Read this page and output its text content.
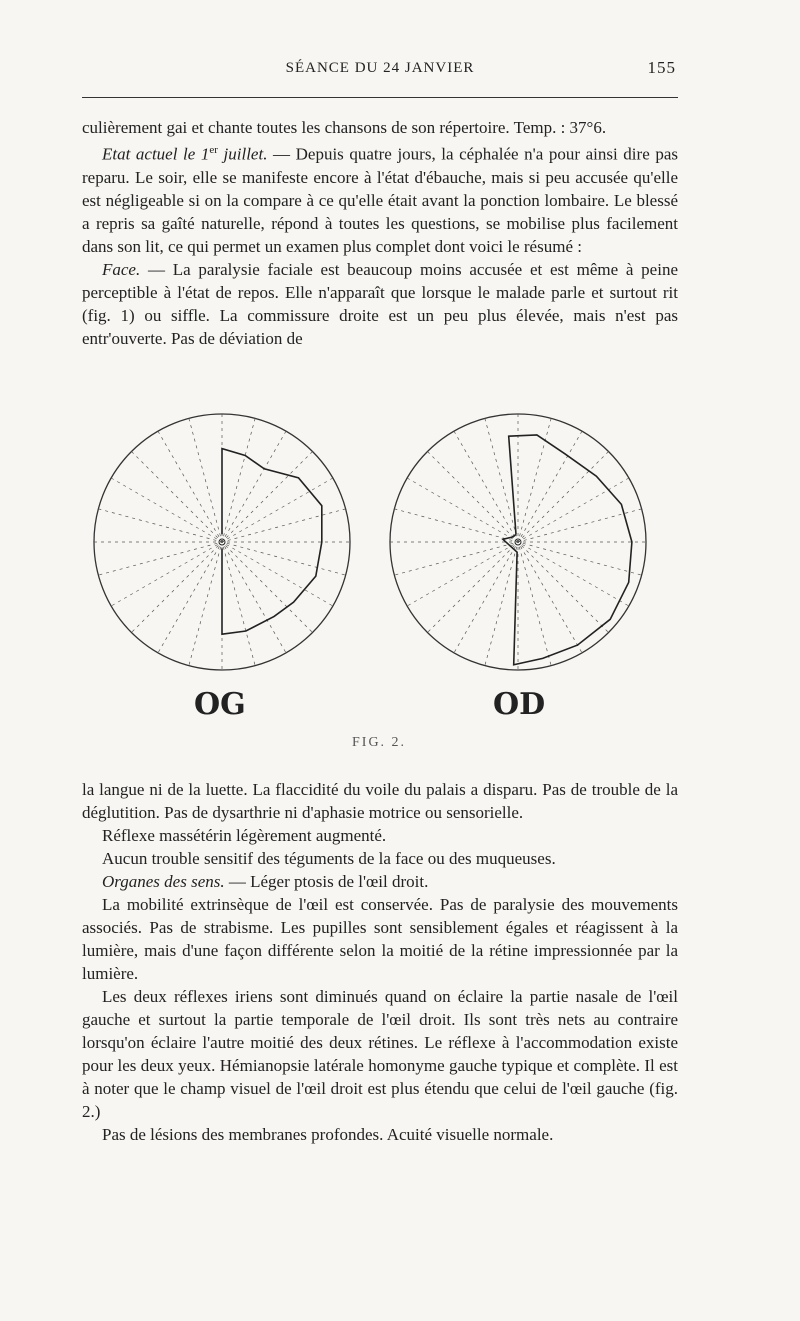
SÉANCE DU 24 JANVIER	155

culièrement gai et chante toutes les chansons de son répertoire. Temp. : 37°6.

Etat actuel le 1er juillet. — Depuis quatre jours, la céphalée n'a pour ainsi dire pas reparu. Le soir, elle se manifeste encore à l'état d'ébauche, mais si peu accusée qu'elle est négligeable si on la compare à ce qu'elle était avant la ponction lombaire. Le blessé a repris sa gaîté naturelle, répond à toutes les questions, se mobilise plus facilement dans son lit, ce qui permet un examen plus complet dont voici le résumé :

Face. — La paralysie faciale est beaucoup moins accusée et est même à peine perceptible à l'état de repos. Elle n'apparaît que lorsque le malade parle et surtout rit (fig. 1) ou siffle. La commissure droite est un peu plus élevée, mais n'est pas entr'ouverte. Pas de déviation de

OG	OD
FIG. 2.

la langue ni de la luette. La flaccidité du voile du palais a disparu. Pas de trouble de la déglutition. Pas de dysarthrie ni d'aphasie motrice ou sensorielle.

Réflexe massétérin légèrement augmenté.

Aucun trouble sensitif des téguments de la face ou des muqueuses.

Organes des sens. — Léger ptosis de l'œil droit.

La mobilité extrinsèque de l'œil est conservée. Pas de paralysie des mouvements associés. Pas de strabisme. Les pupilles sont sensiblement égales et réagissent à la lumière, mais d'une façon différente selon la moitié de la rétine impressionnée par la lumière.

Les deux réflexes iriens sont diminués quand on éclaire la partie nasale de l'œil gauche et surtout la partie temporale de l'œil droit. Ils sont très nets au contraire lorsqu'on éclaire l'autre moitié des deux rétines. Le réflexe à l'accommodation existe pour les deux yeux. Hémianopsie latérale homonyme gauche typique et complète. Il est à noter que le champ visuel de l'œil droit est plus étendu que celui de l'œil gauche (fig. 2.)

Pas de lésions des membranes profondes. Acuité visuelle normale.
